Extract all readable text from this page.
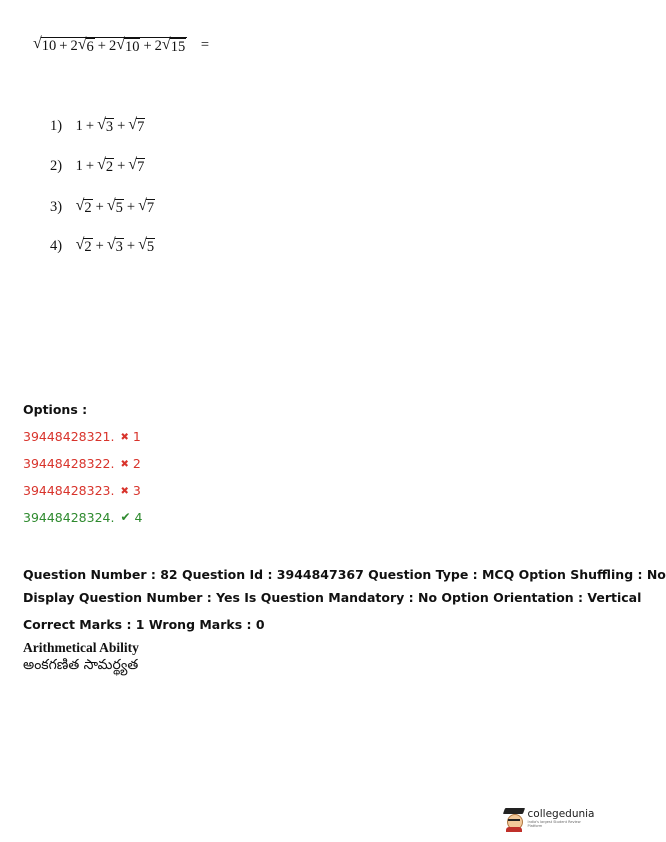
√ 10 + 2 √ 6 + 2 √ 10 + 2 √ 15 =
1) 1 + √ 3 + √ 7
2) 1 + √ 2 + √ 7
3) √ 2 + √ 5 + √ 7
4) √ 2 + √ 3 + √ 5
Options :
39448428321. ✖ 1
39448428322. ✖ 2
39448428323. ✖ 3
39448428324. ✔ 4
Question Number : 82 Question Id : 3944847367 Question Type : MCQ Option Shuffling : No
Display Question Number : Yes Is Question Mandatory : No Option Orientation : Vertical
Correct Marks : 1 Wrong Marks : 0
Arithmetical Ability
అంకగణిత సామర్థ్యత
collegedunia
India's largest Student Review Platform
